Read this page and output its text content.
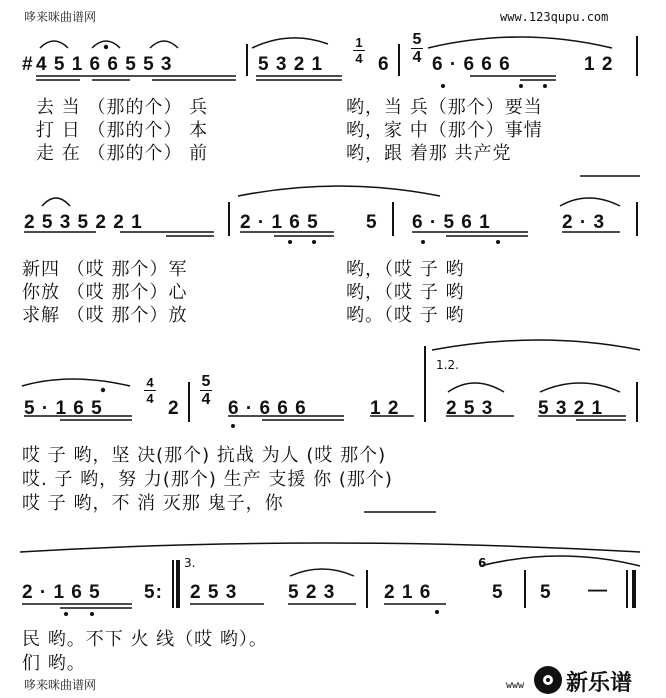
哆来咪曲谱网	www.123qupu.com
# 4 5 1 6 6 5 5 3	5 3 2 1
1
4 6
5
4 6 · 6 6 6	1 2
去 当 （那的个） 兵
打 日 （那的个） 本
走 在 （那的个） 前
哟，当 兵（那个）要当
哟，家 中（那个）事情
哟，跟 着那 共产党
2 5 3 5 2 2 1	2 · 1 6 5 5 6 · 5 6 1	2 · 3
新四 （哎 那个）军
你放 （哎 那个）心
求解 （哎 那个）放
哟，（哎 子 哟
哟，（哎 子 哟
哟。（哎 子 哟
5 · 1 6 5
4
4 2
5
4 6 · 6 6 6	1 2
1.2.
2 5 3 5 3 2 1
哎 子 哟，坚 决(那个) 抗战 为人 (哎 那个)
哎. 子 哟，努 力(那个) 生产 支援 你 (那个)
哎 子 哟，不 消 灭那 鬼子，你
2 · 1 6 5 5:
3.
2 5 3	5 2 3	2 1 6
6
5 5 —
民 哟。不下 火 线（哎 哟）。
们 哟。
哆来咪曲谱网	www 新乐谱
